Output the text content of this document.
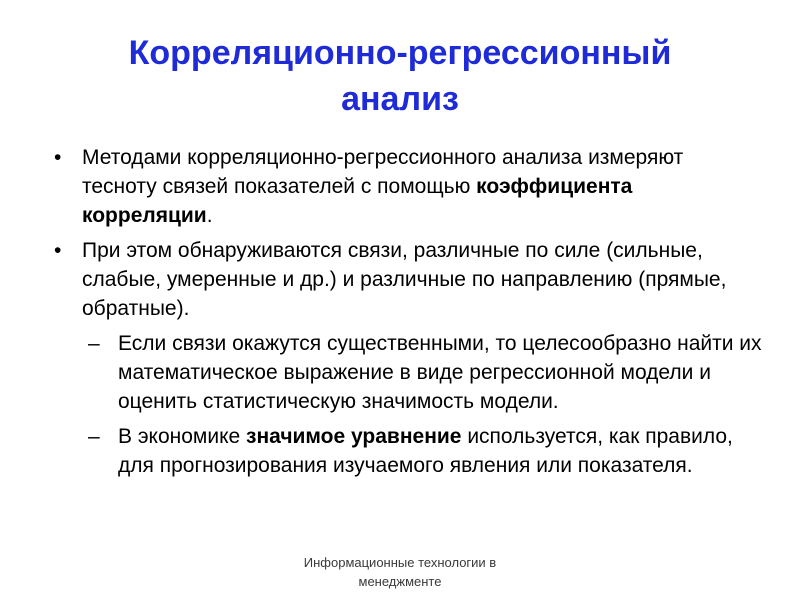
Корреляционно-регрессионный
анализ
• Методами корреляционно-регрессионного анализа измеряют тесноту связей показателей с помощью коэффициента корреляции.
• При этом обнаруживаются связи, различные по силе (сильные, слабые, умеренные и др.) и различные по направлению (прямые, обратные).
– Если связи окажутся существенными, то целесообразно найти их математическое выражение в виде регрессионной модели и оценить статистическую значимость модели.
– В экономике значимое уравнение используется, как правило, для прогнозирования изучаемого явления или показателя.
Информационные технологии в
менеджменте
